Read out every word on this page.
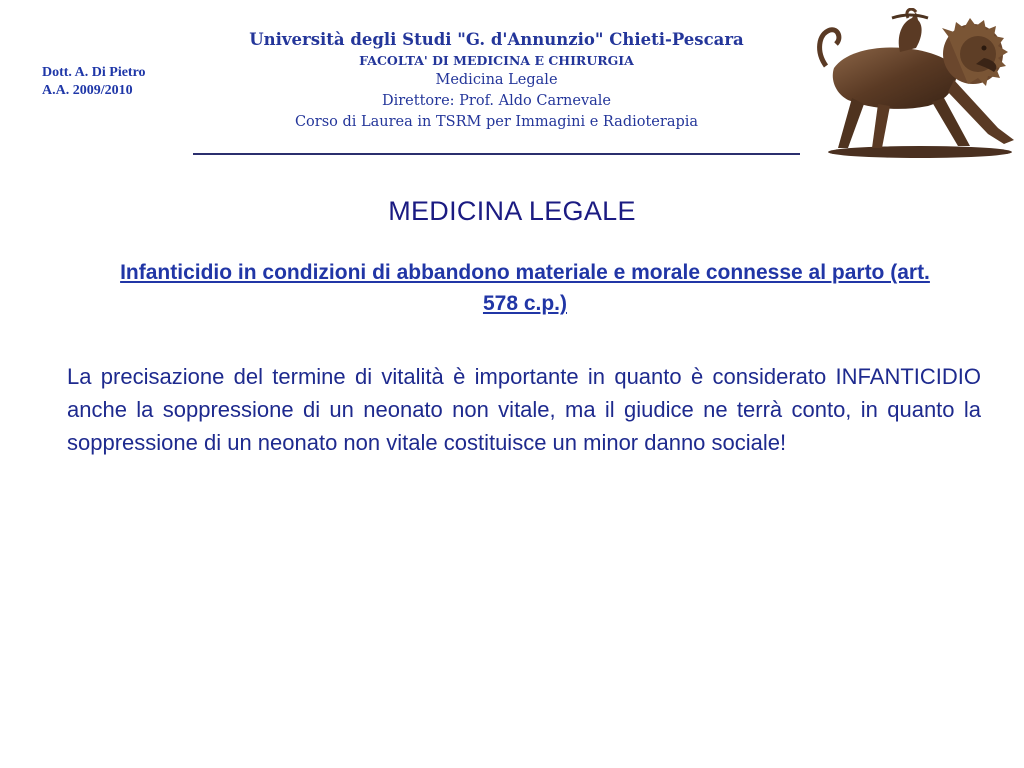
Dott. A. Di Pietro
A.A. 2009/2010
Università degli Studi "G. d'Annunzio" Chieti-Pescara
FACOLTA' DI MEDICINA E CHIRURGIA
Medicina Legale
Direttore: Prof. Aldo Carnevale
Corso di Laurea in TSRM per Immagini e Radioterapia
MEDICINA LEGALE
Infanticidio in condizioni di abbandono materiale e morale connesse al parto (art. 578 c.p.)
La precisazione del termine di vitalità è importante in quanto è considerato INFANTICIDIO anche la soppressione di un neonato non vitale, ma il giudice ne terrà conto, in quanto la soppressione di un neonato non vitale costituisce un minor danno sociale!
